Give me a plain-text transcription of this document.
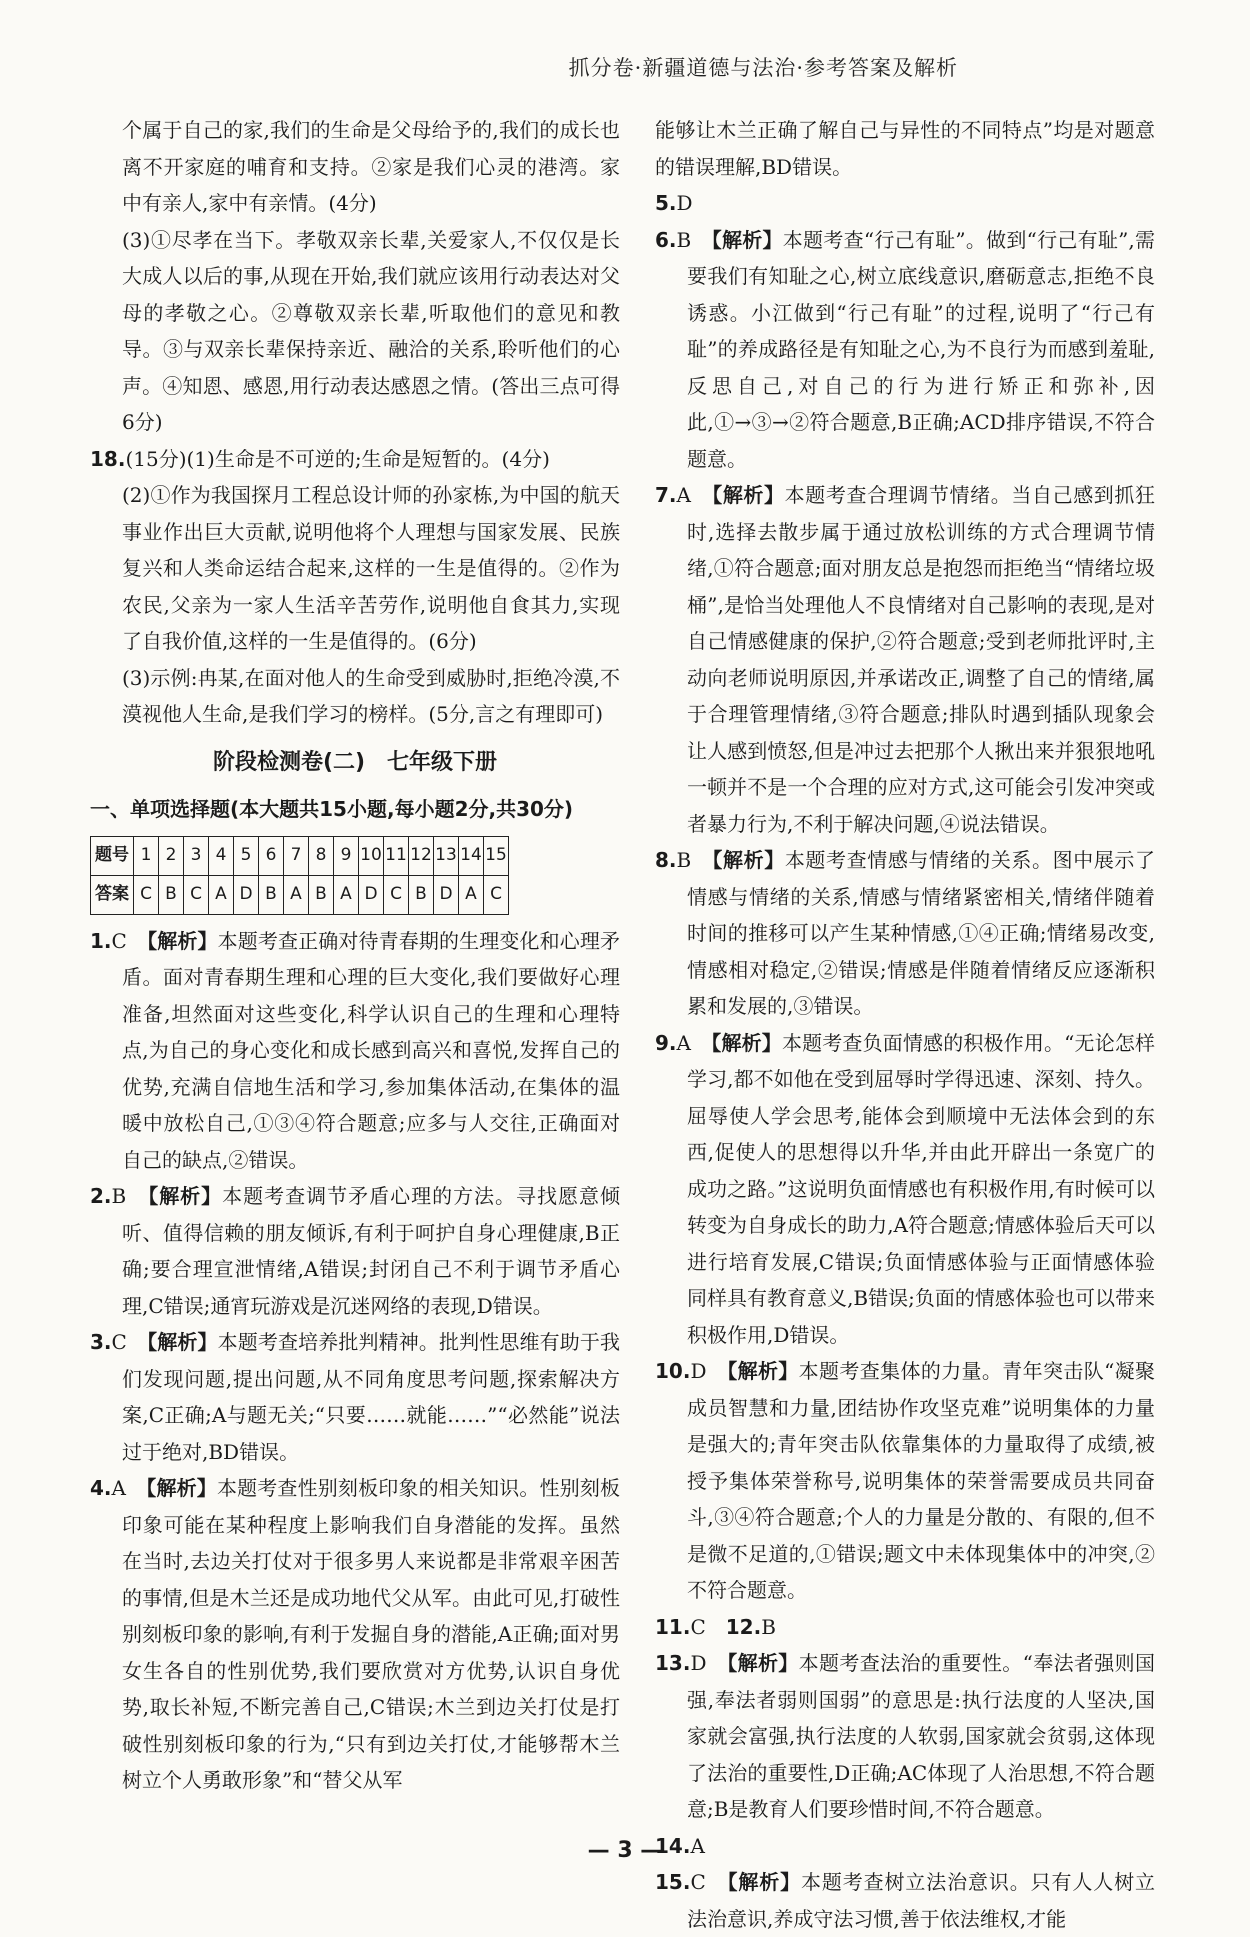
抓分卷·新疆道德与法治·参考答案及解析

个属于自己的家,我们的生命是父母给予的,我们的成长也离不开家庭的哺育和支持。②家是我们心灵的港湾。家中有亲人,家中有亲情。(4分)

(3)①尽孝在当下。孝敬双亲长辈,关爱家人,不仅仅是长大成人以后的事,从现在开始,我们就应该用行动表达对父母的孝敬之心。②尊敬双亲长辈,听取他们的意见和教导。③与双亲长辈保持亲近、融洽的关系,聆听他们的心声。④知恩、感恩,用行动表达感恩之情。(答出三点可得6分)

18.(15分)(1)生命是不可逆的;生命是短暂的。(4分)

(2)①作为我国探月工程总设计师的孙家栋,为中国的航天事业作出巨大贡献,说明他将个人理想与国家发展、民族复兴和人类命运结合起来,这样的一生是值得的。②作为农民,父亲为一家人生活辛苦劳作,说明他自食其力,实现了自我价值,这样的一生是值得的。(6分)

(3)示例:冉某,在面对他人的生命受到威胁时,拒绝冷漠,不漠视他人生命,是我们学习的榜样。(5分,言之有理即可)

阶段检测卷(二)　七年级下册

一、单项选择题(本大题共15小题,每小题2分,共30分)

题号	1	2	3	4	5	6	7	8	9	10	11	12	13	14	15
答案	C	B	C	A	D	B	A	B	A	D	C	B	D	A	C

1.C　 【解析】本题考查正确对待青春期的生理变化和心理矛盾。面对青春期生理和心理的巨大变化,我们要做好心理准备,坦然面对这些变化,科学认识自己的生理和心理特点,为自己的身心变化和成长感到高兴和喜悦,发挥自己的优势,充满自信地生活和学习,参加集体活动,在集体的温暖中放松自己,①③④符合题意;应多与人交往,正确面对自己的缺点,②错误。

2.B　 【解析】本题考查调节矛盾心理的方法。寻找愿意倾听、值得信赖的朋友倾诉,有利于呵护自身心理健康,B正确;要合理宣泄情绪,A错误;封闭自己不利于调节矛盾心理,C错误;通宵玩游戏是沉迷网络的表现,D错误。

3.C　 【解析】本题考查培养批判精神。批判性思维有助于我们发现问题,提出问题,从不同角度思考问题,探索解决方案,C正确;A与题无关;“只要……就能……”“必然能”说法过于绝对,BD错误。

4.A　 【解析】本题考查性别刻板印象的相关知识。性别刻板印象可能在某种程度上影响我们自身潜能的发挥。虽然在当时,去边关打仗对于很多男人来说都是非常艰辛困苦的事情,但是木兰还是成功地代父从军。由此可见,打破性别刻板印象的影响,有利于发掘自身的潜能,A正确;面对男女生各自的性别优势,我们要欣赏对方优势,认识自身优势,取长补短,不断完善自己,C错误;木兰到边关打仗是打破性别刻板印象的行为,“只有到边关打仗,才能够帮木兰树立个人勇敢形象”和“替父从军

能够让木兰正确了解自己与异性的不同特点”均是对题意的错误理解,BD错误。

5.D

6.B　 【解析】本题考查“行己有耻”。做到“行己有耻”,需要我们有知耻之心,树立底线意识,磨砺意志,拒绝不良诱惑。小江做到“行己有耻”的过程,说明了“行己有耻”的养成路径是有知耻之心,为不良行为而感到羞耻,反思自己,对自己的行为进行矫正和弥补,因此,①→③→②符合题意,B正确;ACD排序错误,不符合题意。

7.A　 【解析】本题考查合理调节情绪。当自己感到抓狂时,选择去散步属于通过放松训练的方式合理调节情绪,①符合题意;面对朋友总是抱怨而拒绝当“情绪垃圾桶”,是恰当处理他人不良情绪对自己影响的表现,是对自己情感健康的保护,②符合题意;受到老师批评时,主动向老师说明原因,并承诺改正,调整了自己的情绪,属于合理管理情绪,③符合题意;排队时遇到插队现象会让人感到愤怒,但是冲过去把那个人揪出来并狠狠地吼一顿并不是一个合理的应对方式,这可能会引发冲突或者暴力行为,不利于解决问题,④说法错误。

8.B　 【解析】本题考查情感与情绪的关系。图中展示了情感与情绪的关系,情感与情绪紧密相关,情绪伴随着时间的推移可以产生某种情感,①④正确;情绪易改变,情感相对稳定,②错误;情感是伴随着情绪反应逐渐积累和发展的,③错误。

9.A　 【解析】本题考查负面情感的积极作用。“无论怎样学习,都不如他在受到屈辱时学得迅速、深刻、持久。屈辱使人学会思考,能体会到顺境中无法体会到的东西,促使人的思想得以升华,并由此开辟出一条宽广的成功之路。”这说明负面情感也有积极作用,有时候可以转变为自身成长的助力,A符合题意;情感体验后天可以进行培育发展,C错误;负面情感体验与正面情感体验同样具有教育意义,B错误;负面的情感体验也可以带来积极作用,D错误。

10.D　 【解析】本题考查集体的力量。青年突击队“凝聚成员智慧和力量,团结协作攻坚克难”说明集体的力量是强大的;青年突击队依靠集体的力量取得了成绩,被授予集体荣誉称号,说明集体的荣誉需要成员共同奋斗,③④符合题意;个人的力量是分散的、有限的,但不是微不足道的,①错误;题文中未体现集体中的冲突,②不符合题意。

11.C　 12.B

13.D　 【解析】本题考查法治的重要性。“奉法者强则国强,奉法者弱则国弱”的意思是:执行法度的人坚决,国家就会富强,执行法度的人软弱,国家就会贫弱,这体现了法治的重要性,D正确;AC体现了人治思想,不符合题意;B是教育人们要珍惜时间,不符合题意。

14.A

15.C　 【解析】本题考查树立法治意识。只有人人树立法治意识,养成守法习惯,善于依法维权,才能

— 3 —
